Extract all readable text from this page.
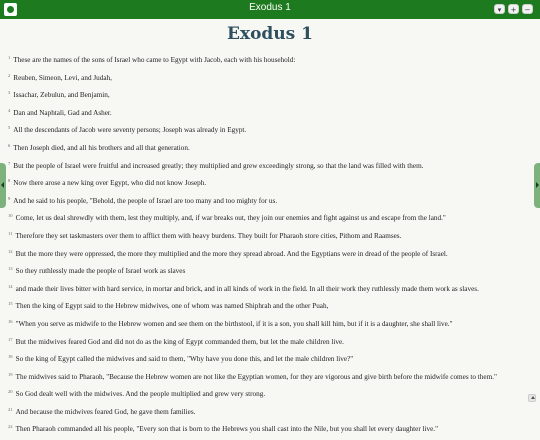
Exodus 1	▾	+	−
Exodus 1
$^1$ These are the names of the sons of Israel who came to Egypt with Jacob, each with his household:
$^2$ Reuben, Simeon, Levi, and Judah,
$^3$ Issachar, Zebulun, and Benjamin,
$^4$ Dan and Naphtali, Gad and Asher.
$^5$ All the descendants of Jacob were seventy persons; Joseph was already in Egypt.
$^6$ Then Joseph died, and all his brothers and all that generation.
$^7$ But the people of Israel were fruitful and increased greatly; they multiplied and grew exceedingly strong, so that the land was filled with them.
$^8$ Now there arose a new king over Egypt, who did not know Joseph.
$^9$ And he said to his people, "Behold, the people of Israel are too many and too mighty for us.
$^{10}$ Come, let us deal shrewdly with them, lest they multiply, and, if war breaks out, they join our enemies and fight against us and escape from the land."
$^{11}$ Therefore they set taskmasters over them to afflict them with heavy burdens. They built for Pharaoh store cities, Pithom and Raamses.
$^{12}$ But the more they were oppressed, the more they multiplied and the more they spread abroad. And the Egyptians were in dread of the people of Israel.
$^{13}$ So they ruthlessly made the people of Israel work as slaves
$^{14}$ and made their lives bitter with hard service, in mortar and brick, and in all kinds of work in the field. In all their work they ruthlessly made them work as slaves.
$^{15}$ Then the king of Egypt said to the Hebrew midwives, one of whom was named Shiphrah and the other Puah,
$^{16}$ "When you serve as midwife to the Hebrew women and see them on the birthstool, if it is a son, you shall kill him, but if it is a daughter, she shall live."
$^{17}$ But the midwives feared God and did not do as the king of Egypt commanded them, but let the male children live.
$^{18}$ So the king of Egypt called the midwives and said to them, "Why have you done this, and let the male children live?"
$^{19}$ The midwives said to Pharaoh, "Because the Hebrew women are not like the Egyptian women, for they are vigorous and give birth before the midwife comes to them."
$^{20}$ So God dealt well with the midwives. And the people multiplied and grew very strong.
$^{21}$ And because the midwives feared God, he gave them families.
$^{22}$ Then Pharaoh commanded all his people, "Every son that is born to the Hebrews you shall cast into the Nile, but you shall let every daughter live."
